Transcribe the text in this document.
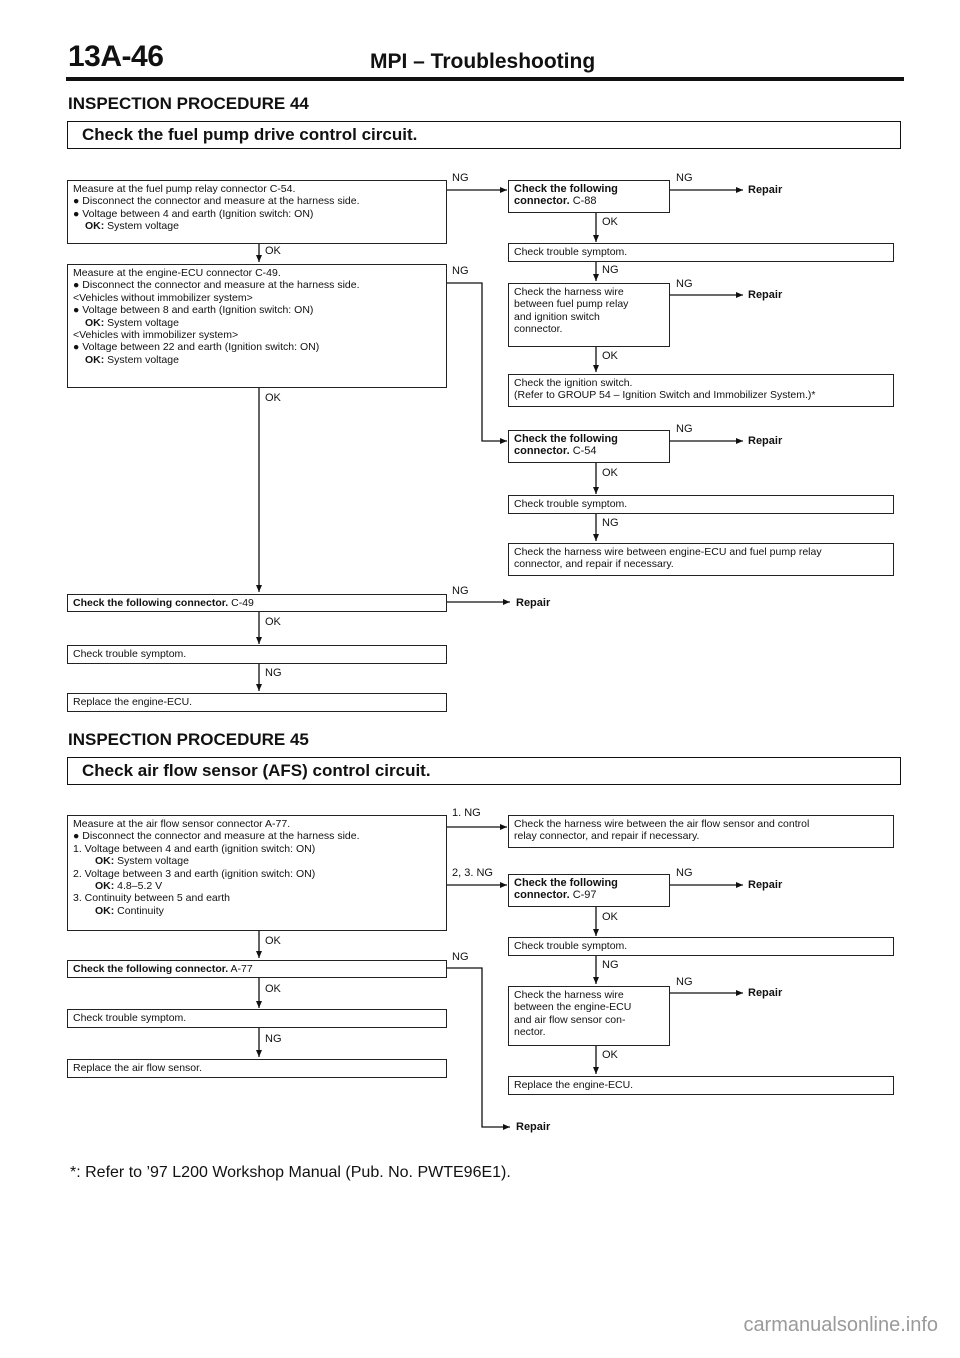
13A-46	MPI – Troubleshooting
INSPECTION PROCEDURE 44
Check the fuel pump drive control circuit.
Measure at the fuel pump relay connector C-54.
● Disconnect the connector and measure at the harness side.
● Voltage between 4 and earth (Ignition switch: ON)
OK: System voltage
Measure at the engine-ECU connector C-49.
● Disconnect the connector and measure at the harness side.
<Vehicles without immobilizer system>
● Voltage between 8 and earth (Ignition switch: ON)
OK: System voltage
<Vehicles with immobilizer system>
● Voltage between 22 and earth (Ignition switch: ON)
OK: System voltage
Check the following connector. C-49
Check trouble symptom.
Replace the engine-ECU.
Check the following
connector. C-88
Check trouble symptom.
Check the harness wire
between fuel pump relay
and ignition switch
connector.
Check the ignition switch.
(Refer to GROUP 54 – Ignition Switch and Immobilizer System.)*
Check the following
connector. C-54
Check trouble symptom.
Check the harness wire between engine-ECU and fuel pump relay
connector, and repair if necessary.
NG	NG
Repair
OK
OK
NG	NG
NG
Repair
OK
OK
NG
Repair
OK
NG
NG
Repair
OK
NG
INSPECTION PROCEDURE 45
Check air flow sensor (AFS) control circuit.
Measure at the air flow sensor connector A-77.
● Disconnect the connector and measure at the harness side.
1. Voltage between 4 and earth (ignition switch: ON)
OK: System voltage
2. Voltage between 3 and earth (ignition switch: ON)
OK: 4.8–5.2 V
3. Continuity between 5 and earth
OK: Continuity
Check the following connector. A-77
Check trouble symptom.
Replace the air flow sensor.
Check the harness wire between the air flow sensor and control
relay connector, and repair if necessary.
Check the following
connector. C-97
Check trouble symptom.
Check the harness wire
between the engine-ECU
and air flow sensor con-
nector.
Replace the engine-ECU.
1. NG
2, 3. NG	NG
Repair
OK
OK
NG
NG
OK
NG
Repair
NG
OK
Repair
*: Refer to ’97 L200 Workshop Manual (Pub. No. PWTE96E1).
carmanualsonline.info
